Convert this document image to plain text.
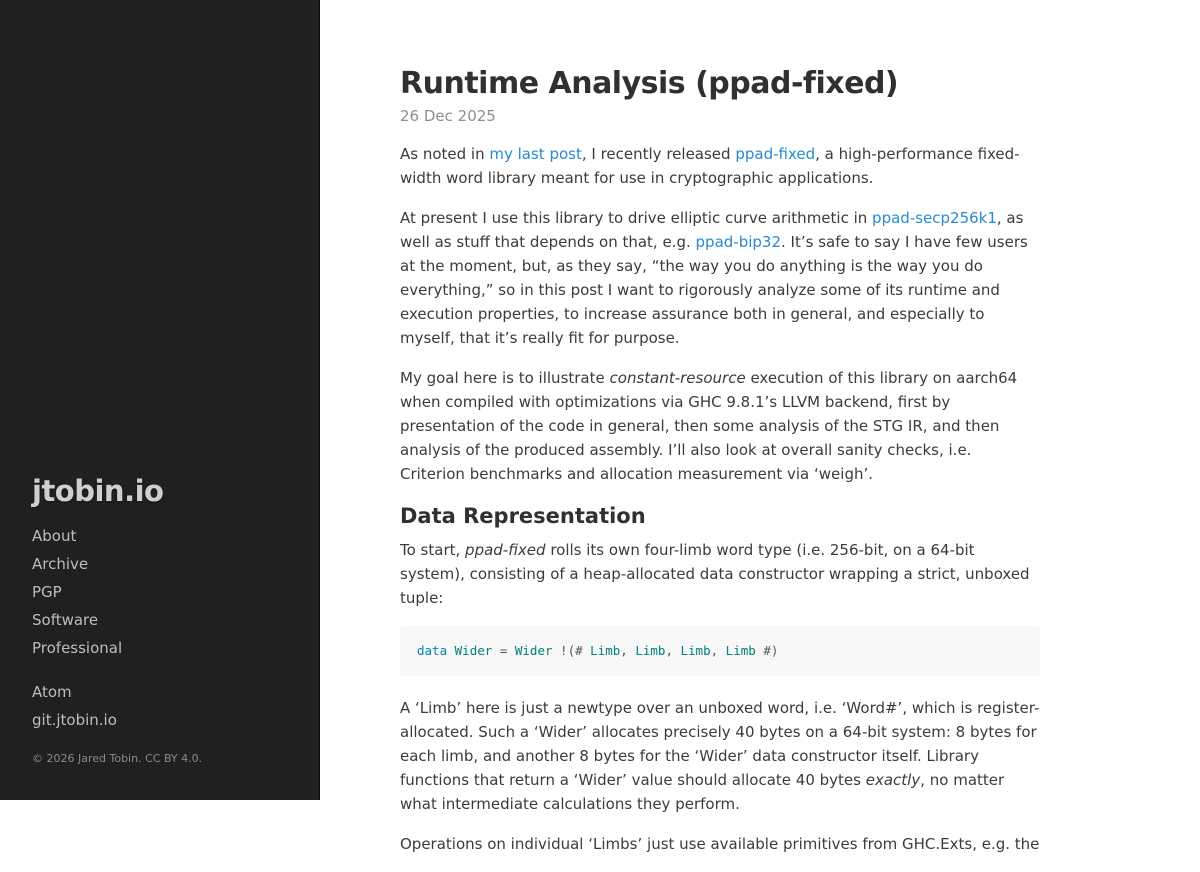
jtobin.io
About
Archive
PGP
Software
Professional
Atom
git.jtobin.io
© 2026 Jared Tobin. CC BY 4.0.
Runtime Analysis (ppad-fixed)
26 Dec 2025

As noted in my last post, I recently released ppad-fixed, a high-performance fixed-width word library meant for use in cryptographic applications.

At present I use this library to drive elliptic curve arithmetic in ppad-secp256k1, as well as stuff that depends on that, e.g. ppad-bip32. It’s safe to say I have few users at the moment, but, as they say, “the way you do anything is the way you do everything,” so in this post I want to rigorously analyze some of its runtime and execution properties, to increase assurance both in general, and especially to myself, that it’s really fit for purpose.

My goal here is to illustrate constant-resource execution of this library on aarch64 when compiled with optimizations via GHC 9.8.1’s LLVM backend, first by presentation of the code in general, then some analysis of the STG IR, and then analysis of the produced assembly. I’ll also look at overall sanity checks, i.e. Criterion benchmarks and allocation measurement via ‘weigh’.

Data Representation

To start, ppad-fixed rolls its own four-limb word type (i.e. 256-bit, on a 64-bit system), consisting of a heap-allocated data constructor wrapping a strict, unboxed tuple:

data Wider = Wider !(# Limb, Limb, Limb, Limb #)

A ‘Limb’ here is just a newtype over an unboxed word, i.e. ‘Word#’, which is register-allocated. Such a ‘Wider’ allocates precisely 40 bytes on a 64-bit system: 8 bytes for each limb, and another 8 bytes for the ‘Wider’ data constructor itself. Library functions that return a ‘Wider’ value should allocate 40 bytes exactly, no matter what intermediate calculations they perform.

Operations on individual ‘Limbs’ just use available primitives from GHC.Exts, e.g. the
